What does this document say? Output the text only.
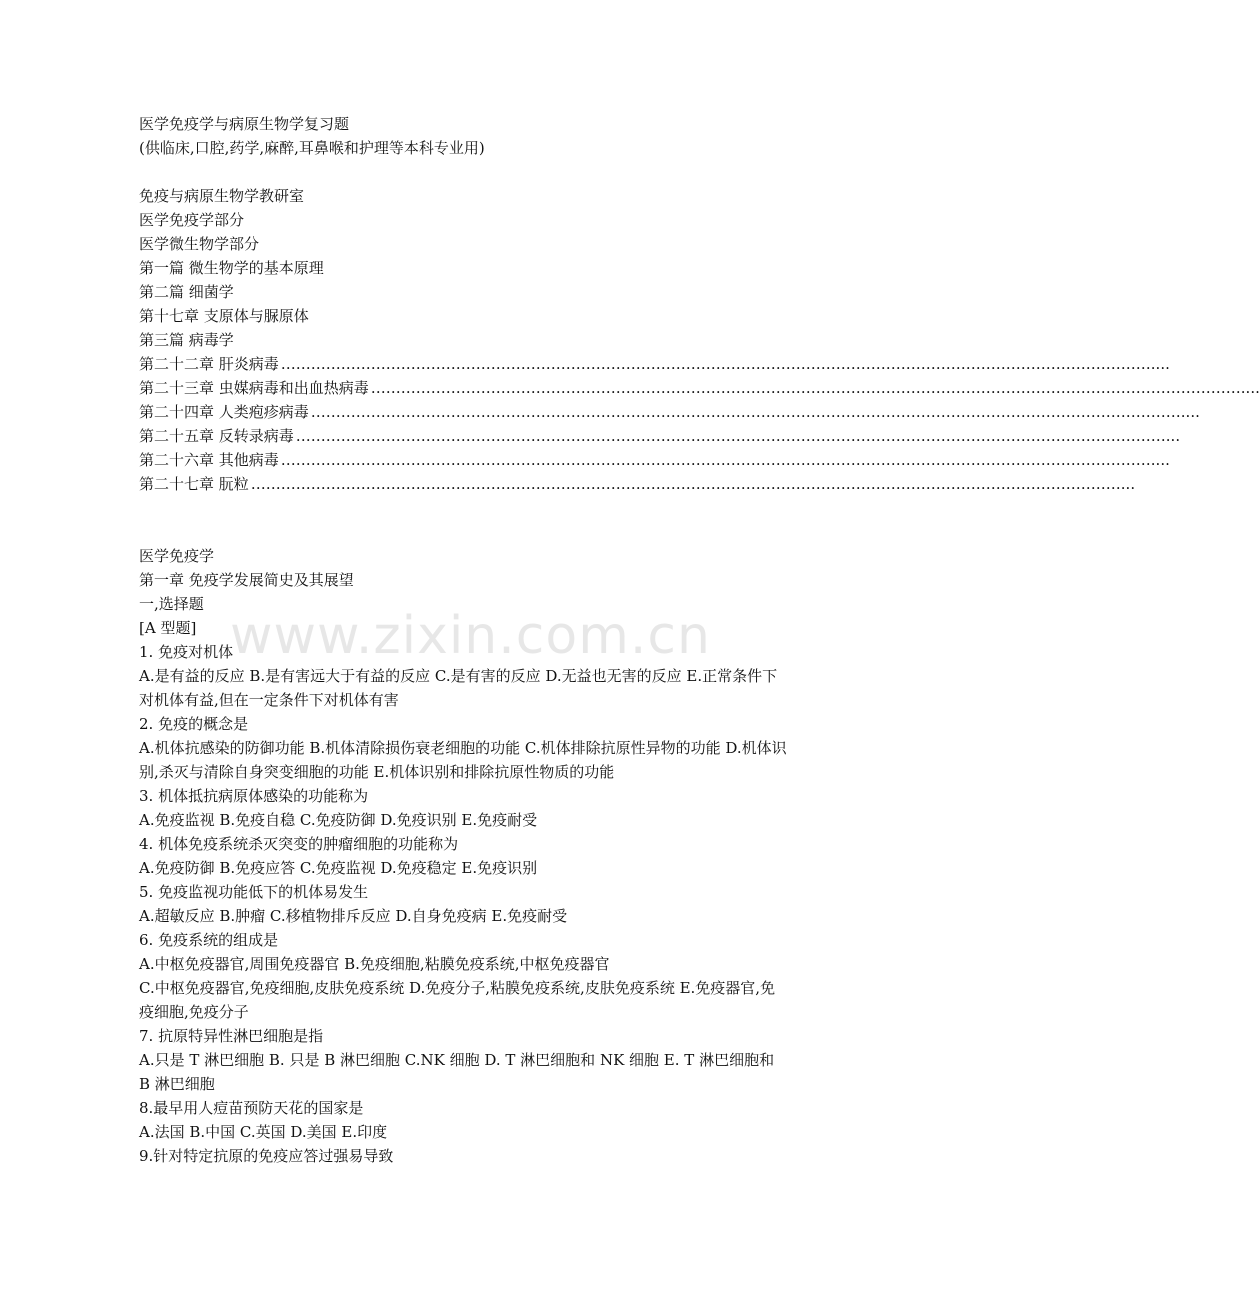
医学免疫学与病原生物学复习题
(供临床,口腔,药学,麻醉,耳鼻喉和护理等本科专业用)
免疫与病原生物学教研室
医学免疫学部分
医学微生物学部分
第一篇 微生物学的基本原理
第二篇 细菌学
第十七章 支原体与脲原体
第三篇 病毒学
第二十二章 肝炎病毒 ………………………………………………………………………………………………………………………………………………………….. ..
第二十三章 虫媒病毒和出血热病毒 ………………………………………………………………………………………………………………………………………………………….. ..
第二十四章 人类疱疹病毒 ………………………………………………………………………………………………………………………………………………………….. ..
第二十五章 反转录病毒 ………………………………………………………………………………………………………………………………………………………….. .
第二十六章 其他病毒 ………………………………………………………………………………………………………………………………………………………….. ..
第二十七章 朊粒 ………………………………………………………………………………………………………………………………………………………….. .
医学免疫学
第一章 免疫学发展简史及其展望
一,选择题
[A 型题]
1. 免疫对机体
A.是有益的反应 B.是有害远大于有益的反应 C.是有害的反应 D.无益也无害的反应 E.正常条件下对机体有益,但在一定条件下对机体有害
2. 免疫的概念是
A.机体抗感染的防御功能 B.机体清除损伤衰老细胞的功能 C.机体排除抗原性异物的功能 D.机体识别,杀灭与清除自身突变细胞的功能 E.机体识别和排除抗原性物质的功能
3. 机体抵抗病原体感染的功能称为
A.免疫监视 B.免疫自稳 C.免疫防御 D.免疫识别 E.免疫耐受
4. 机体免疫系统杀灭突变的肿瘤细胞的功能称为
A.免疫防御 B.免疫应答 C.免疫监视 D.免疫稳定 E.免疫识别
5. 免疫监视功能低下的机体易发生
A.超敏反应 B.肿瘤 C.移植物排斥反应 D.自身免疫病 E.免疫耐受
6. 免疫系统的组成是
A.中枢免疫器官,周围免疫器官 B.免疫细胞,粘膜免疫系统,中枢免疫器官
C.中枢免疫器官,免疫细胞,皮肤免疫系统 D.免疫分子,粘膜免疫系统,皮肤免疫系统 E.免疫器官,免疫细胞,免疫分子
7. 抗原特异性淋巴细胞是指
A.只是 T 淋巴细胞 B. 只是 B 淋巴细胞 C.NK 细胞 D. T 淋巴细胞和 NK 细胞 E. T 淋巴细胞和 B 淋巴细胞
8.最早用人痘苗预防天花的国家是
A.法国 B.中国 C.英国 D.美国 E.印度
9.针对特定抗原的免疫应答过强易导致
www.zixin.com.cn
